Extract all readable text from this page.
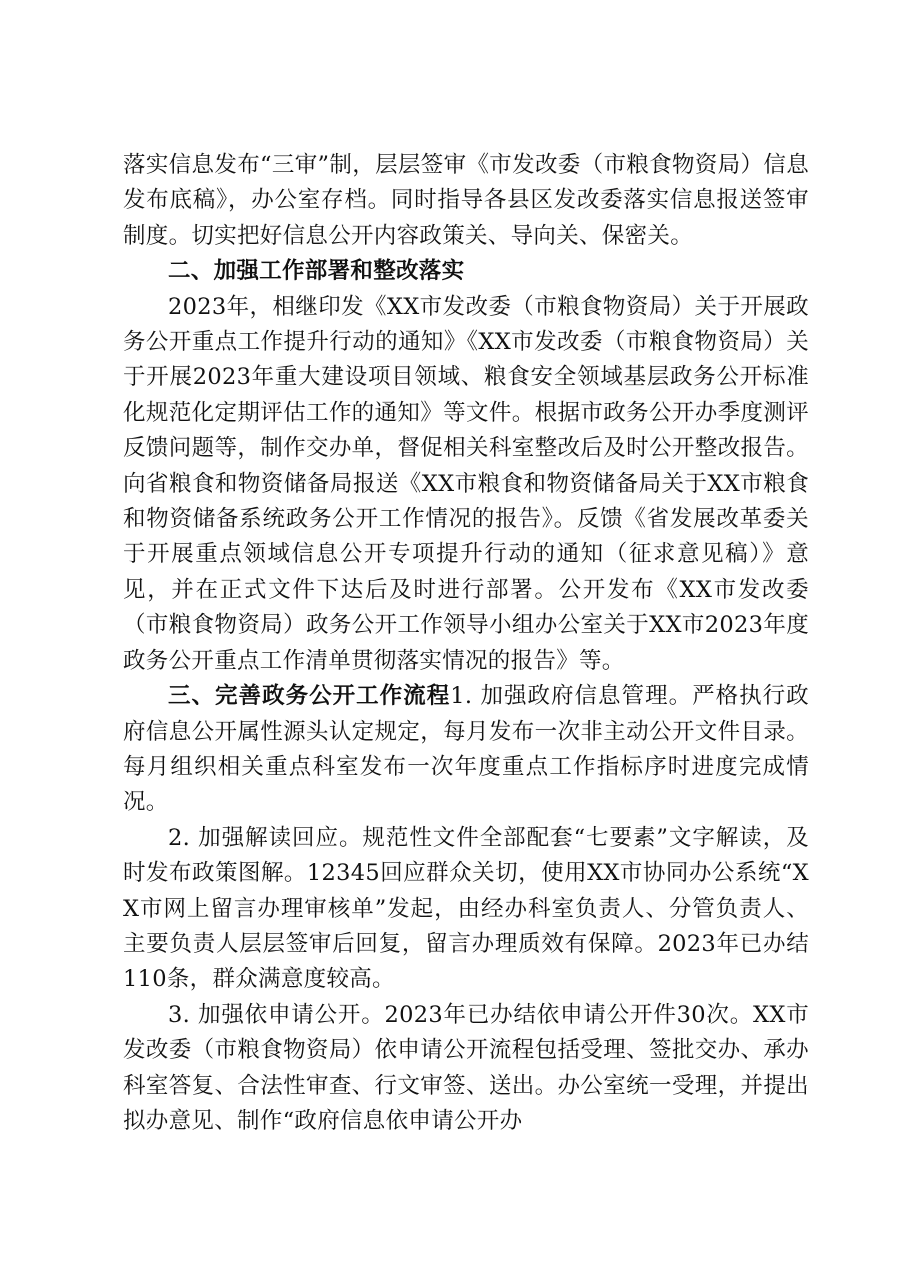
落实信息发布“三审”制，层层签审《市发改委（市粮食物资局）信息发布底稿》，办公室存档。同时指导各县区发改委落实信息报送签审制度。切实把好信息公开内容政策关、导向关、保密关。

二、加强工作部署和整改落实

2023年，相继印发《XX市发改委（市粮食物资局）关于开展政务公开重点工作提升行动的通知》《XX市发改委（市粮食物资局）关于开展2023年重大建设项目领域、粮食安全领域基层政务公开标准化规范化定期评估工作的通知》等文件。根据市政务公开办季度测评反馈问题等，制作交办单，督促相关科室整改后及时公开整改报告。向省粮食和物资储备局报送《XX市粮食和物资储备局关于XX市粮食和物资储备系统政务公开工作情况的报告》。反馈《省发展改革委关于开展重点领域信息公开专项提升行动的通知（征求意见稿）》意见，并在正式文件下达后及时进行部署。公开发布《XX市发改委（市粮食物资局）政务公开工作领导小组办公室关于XX市2023年度政务公开重点工作清单贯彻落实情况的报告》等。

三、完善政务公开工作流程1. 加强政府信息管理。严格执行政府信息公开属性源头认定规定，每月发布一次非主动公开文件目录。每月组织相关重点科室发布一次年度重点工作指标序时进度完成情况。

2. 加强解读回应。规范性文件全部配套“七要素”文字解读，及时发布政策图解。12345回应群众关切，使用XX市协同办公系统“XX市网上留言办理审核单”发起，由经办科室负责人、分管负责人、主要负责人层层签审后回复，留言办理质效有保障。2023年已办结110条，群众满意度较高。

3. 加强依申请公开。2023年已办结依申请公开件30次。XX市发改委（市粮食物资局）依申请公开流程包括受理、签批交办、承办科室答复、合法性审查、行文审签、送出。办公室统一受理，并提出拟办意见、制作“政府信息依申请公开办
